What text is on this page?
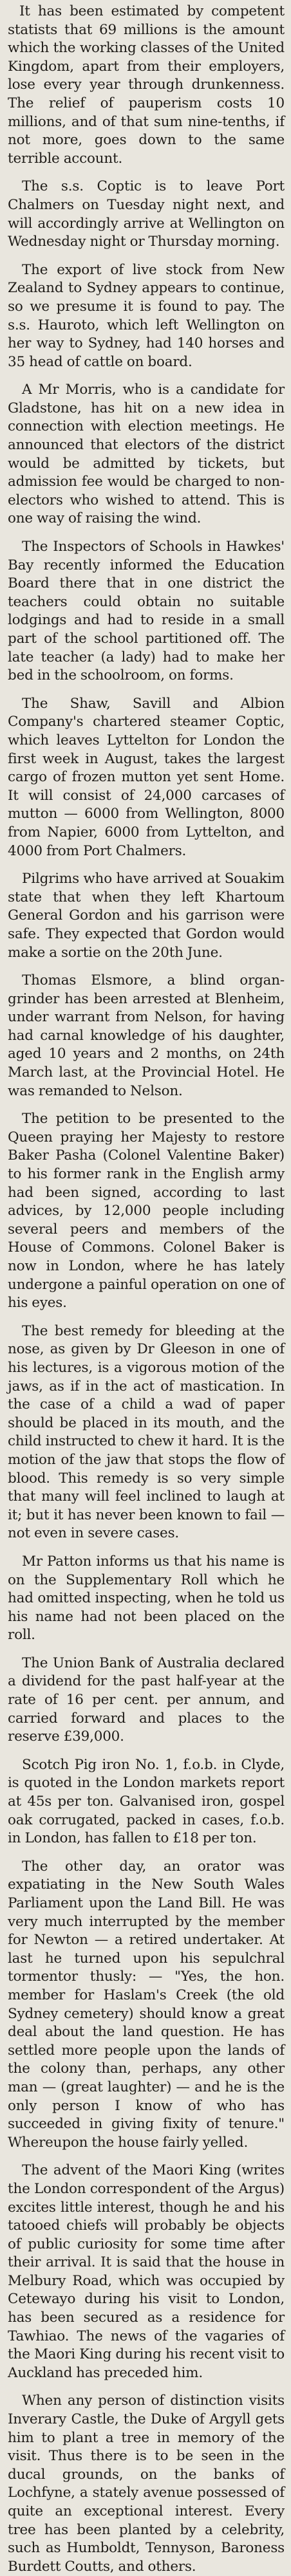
It has been estimated by competent statists that 69 millions is the amount which the working classes of the United Kingdom, apart from their employers, lose every year through drunkenness. The relief of pauperism costs 10 millions, and of that sum nine-tenths, if not more, goes down to the same terrible account.

The s.s. Coptic is to leave Port Chalmers on Tuesday night next, and will accordingly arrive at Wellington on Wednesday night or Thursday morning.

The export of live stock from New Zealand to Sydney appears to continue, so we presume it is found to pay. The s.s. Hauroto, which left Wellington on her way to Sydney, had 140 horses and 35 head of cattle on board.

A Mr Morris, who is a candidate for Gladstone, has hit on a new idea in connection with election meetings. He announced that electors of the district would be admitted by tickets, but admission fee would be charged to non-electors who wished to attend. This is one way of raising the wind.

The Inspectors of Schools in Hawkes' Bay recently informed the Education Board there that in one district the teachers could obtain no suitable lodgings and had to reside in a small part of the school partitioned off. The late teacher (a lady) had to make her bed in the schoolroom, on forms.

The Shaw, Savill and Albion Company's chartered steamer Coptic, which leaves Lyttelton for London the first week in August, takes the largest cargo of frozen mutton yet sent Home. It will consist of 24,000 carcases of mutton — 6000 from Wellington, 8000 from Napier, 6000 from Lyttelton, and 4000 from Port Chalmers.

Pilgrims who have arrived at Souakim state that when they left Khartoum General Gordon and his garrison were safe. They expected that Gordon would make a sortie on the 20th June.

Thomas Elsmore, a blind organ-grinder has been arrested at Blenheim, under warrant from Nelson, for having had carnal knowledge of his daughter, aged 10 years and 2 months, on 24th March last, at the Provincial Hotel. He was remanded to Nelson.

The petition to be presented to the Queen praying her Majesty to restore Baker Pasha (Colonel Valentine Baker) to his former rank in the English army had been signed, according to last advices, by 12,000 people including several peers and members of the House of Commons. Colonel Baker is now in London, where he has lately undergone a painful operation on one of his eyes.

The best remedy for bleeding at the nose, as given by Dr Gleeson in one of his lectures, is a vigorous motion of the jaws, as if in the act of mastication. In the case of a child a wad of paper should be placed in its mouth, and the child instructed to chew it hard. It is the motion of the jaw that stops the flow of blood. This remedy is so very simple that many will feel inclined to laugh at it; but it has never been known to fail — not even in severe cases.

Mr Patton informs us that his name is on the Supplementary Roll which he had omitted inspecting, when he told us his name had not been placed on the roll.

The Union Bank of Australia declared a dividend for the past half-year at the rate of 16 per cent. per annum, and carried forward and places to the reserve £39,000.

Scotch Pig iron No. 1, f.o.b. in Clyde, is quoted in the London markets report at 45s per ton. Galvanised iron, gospel oak corrugated, packed in cases, f.o.b. in London, has fallen to £18 per ton.

The other day, an orator was expatiating in the New South Wales Parliament upon the Land Bill. He was very much interrupted by the member for Newton — a retired undertaker. At last he turned upon his sepulchral tormentor thusly: — "Yes, the hon. member for Haslam's Creek (the old Sydney cemetery) should know a great deal about the land question. He has settled more people upon the lands of the colony than, perhaps, any other man — (great laughter) — and he is the only person I know of who has succeeded in giving fixity of tenure." Whereupon the house fairly yelled.

The advent of the Maori King (writes the London correspondent of the Argus) excites little interest, though he and his tatooed chiefs will probably be objects of public curiosity for some time after their arrival. It is said that the house in Melbury Road, which was occupied by Cetewayo during his visit to London, has been secured as a residence for Tawhiao. The news of the vagaries of the Maori King during his recent visit to Auckland has preceded him.

When any person of distinction visits Inverary Castle, the Duke of Argyll gets him to plant a tree in memory of the visit. Thus there is to be seen in the ducal grounds, on the banks of Lochfyne, a stately avenue possessed of quite an exceptional interest. Every tree has been planted by a celebrity, such as Humboldt, Tennyson, Baroness Burdett Coutts, and others.
